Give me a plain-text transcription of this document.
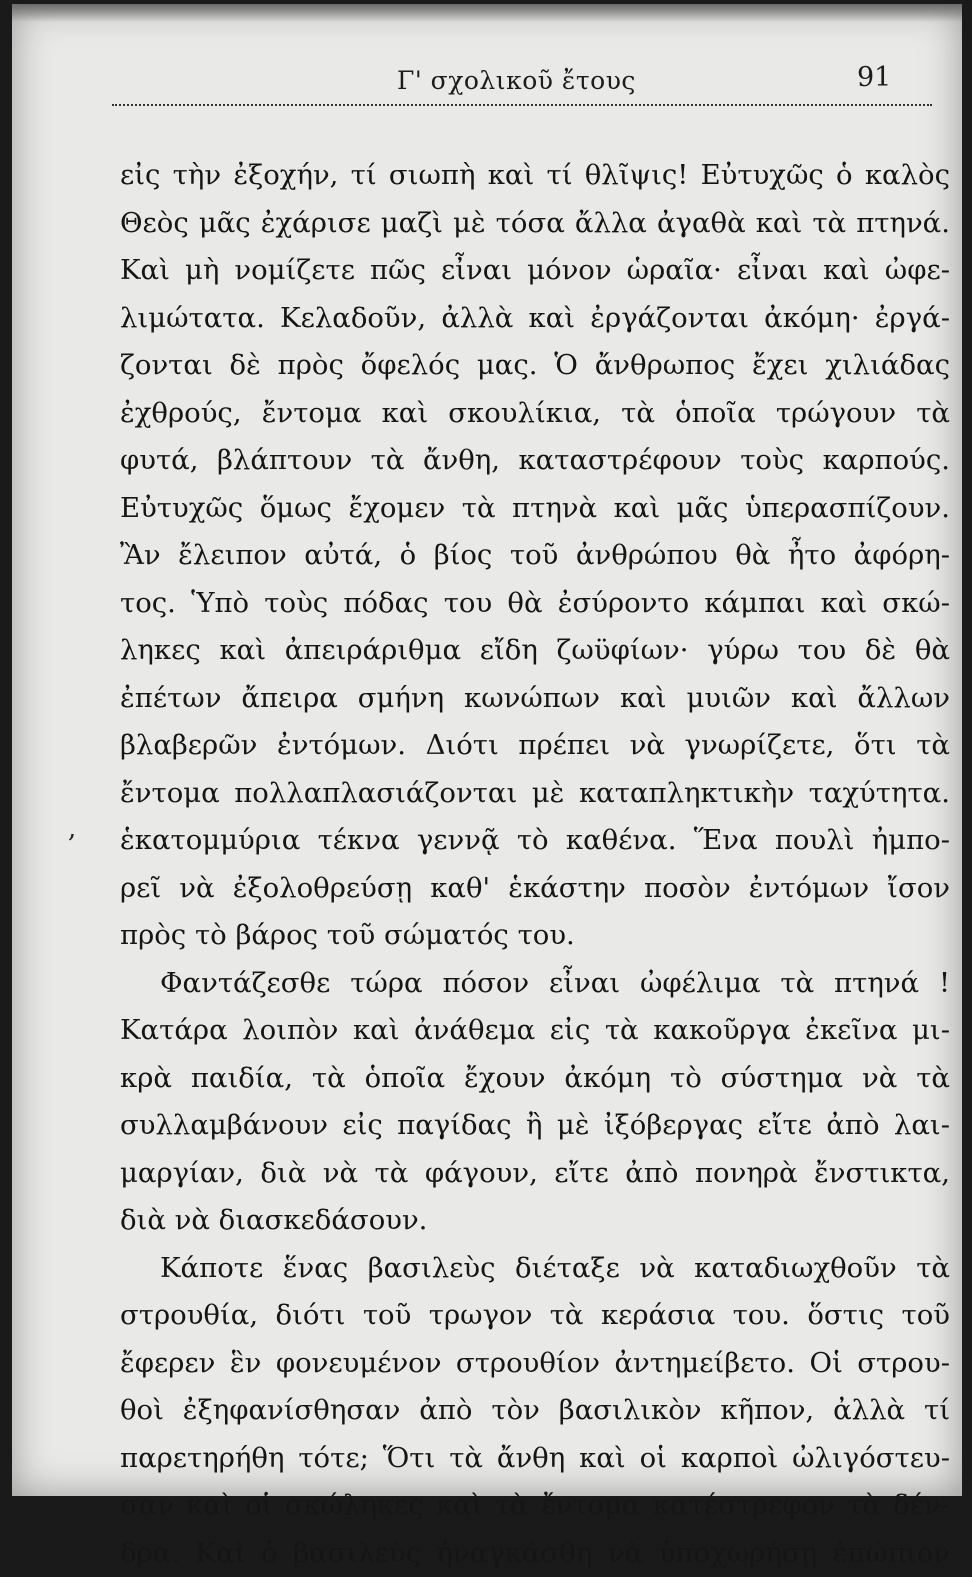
Γ' σχολικοῦ ἔτους	91
,
εἰς τὴν ἐξοχήν, τί σιωπὴ καὶ τί θλῖψις! Εὐτυχῶς ὁ καλὸς
Θεὸς μᾶς ἐχάρισε μαζὶ μὲ τόσα ἄλλα ἀγαθὰ καὶ τὰ πτηνά.
Καὶ μὴ νομίζετε πῶς εἶναι μόνον ὡραῖα· εἶναι καὶ ὠφε-
λιμώτατα. Κελαδοῦν, ἀλλὰ καὶ ἐργάζονται ἀκόμη· ἐργά-
ζονται δὲ πρὸς ὄφελός μας. Ὁ ἄνθρωπος ἔχει χιλιάδας
ἐχθρούς, ἔντομα καὶ σκουλίκια, τὰ ὁποῖα τρώγουν τὰ
φυτά, βλάπτουν τὰ ἄνθη, καταστρέφουν τοὺς καρπούς.
Εὐτυχῶς ὅμως ἔχομεν τὰ πτηνὰ καὶ μᾶς ὑπερασπίζουν.
Ἂν ἔλειπον αὐτά, ὁ βίος τοῦ ἀνθρώπου θὰ ἦτο ἀφόρη-
τος. Ὑπὸ τοὺς πόδας του θὰ ἐσύροντο κάμπαι καὶ σκώ-
ληκες καὶ ἀπειράριθμα εἴδη ζωϋφίων· γύρω του δὲ θὰ
ἐπέτων ἄπειρα σμήνη κωνώπων καὶ μυιῶν καὶ ἄλλων
βλαβερῶν ἐντόμων. Διότι πρέπει νὰ γνωρίζετε, ὅτι τὰ
ἔντομα πολλαπλασιάζονται μὲ καταπληκτικὴν ταχύτητα.
ἑκατομμύρια τέκνα γεννᾷ τὸ καθένα. Ἕνα πουλὶ ἠμπο-
ρεῖ νὰ ἐξολοθρεύσῃ καθ' ἑκάστην ποσὸν ἐντόμων ἴσον
πρὸς τὸ βάρος τοῦ σώματός του.
Φαντάζεσθε τώρα πόσον εἶναι ὠφέλιμα τὰ πτηνά !
Κατάρα λοιπὸν καὶ ἀνάθεμα εἰς τὰ κακοῦργα ἐκεῖνα μι-
κρὰ παιδία, τὰ ὁποῖα ἔχουν ἀκόμη τὸ σύστημα νὰ τὰ
συλλαμβάνουν εἰς παγίδας ἢ μὲ ἰξόβεργας εἴτε ἀπὸ λαι-
μαργίαν, διὰ νὰ τὰ φάγουν, εἴτε ἀπὸ πονηρὰ ἔνστικτα,
διὰ νὰ διασκεδάσουν.
Κάποτε ἕνας βασιλεὺς διέταξε νὰ καταδιωχθοῦν τὰ
στρουθία, διότι τοῦ τρωγον τὰ κεράσια του. ὅστις τοῦ
ἔφερεν ἓν φονευμένον στρουθίον ἀντημείβετο. Οἱ στρου-
θοὶ ἐξηφανίσθησαν ἀπὸ τὸν βασιλικὸν κῆπον, ἀλλὰ τί
παρετηρήθη τότε; Ὅτι τὰ ἄνθη καὶ οἱ καρποὶ ὠλιγόστευ-
σαν καὶ οἱ σκώληκες καὶ τὰ ἔντομα κατέστρεφον τὰ δέν-
δρα. Καὶ ὁ βασιλεὺς ἠναγκάσθη νὰ ὑποχωρήσῃ ἐπώπιον
